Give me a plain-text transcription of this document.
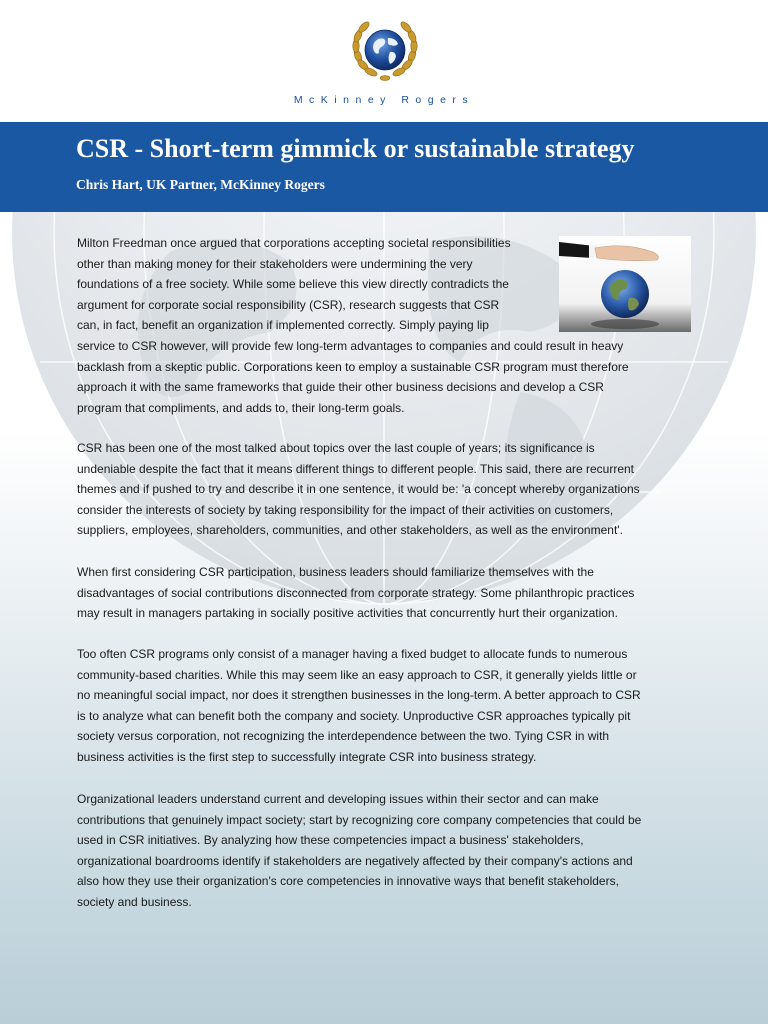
McKinney Rogers
CSR - Short-term gimmick or sustainable strategy
Chris Hart, UK Partner, McKinney Rogers
Milton Freedman once argued that corporations accepting societal responsibilities
other than making money for their stakeholders were undermining the very
foundations of a free society. While some believe this view directly contradicts the
argument for corporate social responsibility (CSR), research suggests that CSR
can, in fact, benefit an organization if implemented correctly. Simply paying lip
service to CSR however, will provide few long-term advantages to companies and could result in heavy
backlash from a skeptic public. Corporations keen to employ a sustainable CSR program must therefore
approach it with the same frameworks that guide their other business decisions and develop a CSR
program that compliments, and adds to, their long-term goals.
CSR has been one of the most talked about topics over the last couple of years; its significance is
undeniable despite the fact that it means different things to different people. This said, there are recurrent
themes and if pushed to try and describe it in one sentence, it would be: 'a concept whereby organizations
consider the interests of society by taking responsibility for the impact of their activities on customers,
suppliers, employees, shareholders, communities, and other stakeholders, as well as the environment'.
When first considering CSR participation, business leaders should familiarize themselves with the
disadvantages of social contributions disconnected from corporate strategy. Some philanthropic practices
may result in managers partaking in socially positive activities that concurrently hurt their organization.
Too often CSR programs only consist of a manager having a fixed budget to allocate funds to numerous
community-based charities. While this may seem like an easy approach to CSR, it generally yields little or
no meaningful social impact, nor does it strengthen businesses in the long-term. A better approach to CSR
is to analyze what can benefit both the company and society. Unproductive CSR approaches typically pit
society versus corporation, not recognizing the interdependence between the two. Tying CSR in with
business activities is the first step to successfully integrate CSR into business strategy.
Organizational leaders understand current and developing issues within their sector and can make
contributions that genuinely impact society; start by recognizing core company competencies that could be
used in CSR initiatives. By analyzing how these competencies impact a business' stakeholders,
organizational boardrooms identify if stakeholders are negatively affected by their company's actions and
also how they use their organization's core competencies in innovative ways that benefit stakeholders,
society and business.
